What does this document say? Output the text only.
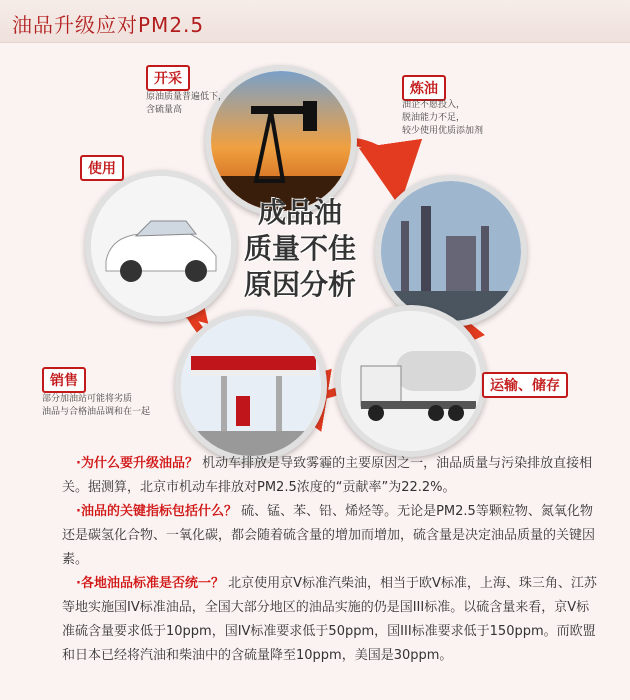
油品升级应对PM2.5
成品油
质量不佳
原因分析
开采
原油质量普遍低下，
含硫量高
炼油
油企不愿投入，
脱油能力不足，
较少使用优质添加剂
运输、储存
销售
部分加油站可能将劣质
油品与合格油品调和在一起
使用

·为什么要升级油品？ 机动车排放是导致雾霾的主要原因之一，油品质量与污染排放直接相关。据测算，北京市机动车排放对PM2.5浓度的“贡献率”为22.2%。

·油品的关键指标包括什么？ 硫、锰、苯、铅、烯烃等。无论是PM2.5等颗粒物、氮氧化物还是碳氢化合物、一氧化碳，都会随着硫含量的增加而增加，硫含量是决定油品质量的关键因素。

·各地油品标准是否统一？ 北京使用京V标准汽柴油，相当于欧V标准，上海、珠三角、江苏等地实施国IV标准油品，全国大部分地区的油品实施的仍是国III标准。以硫含量来看，京V标准硫含量要求低于10ppm，国IV标准要求低于50ppm，国III标准要求低于150ppm。而欧盟和日本已经将汽油和柴油中的含硫量降至10ppm，美国是30ppm。
